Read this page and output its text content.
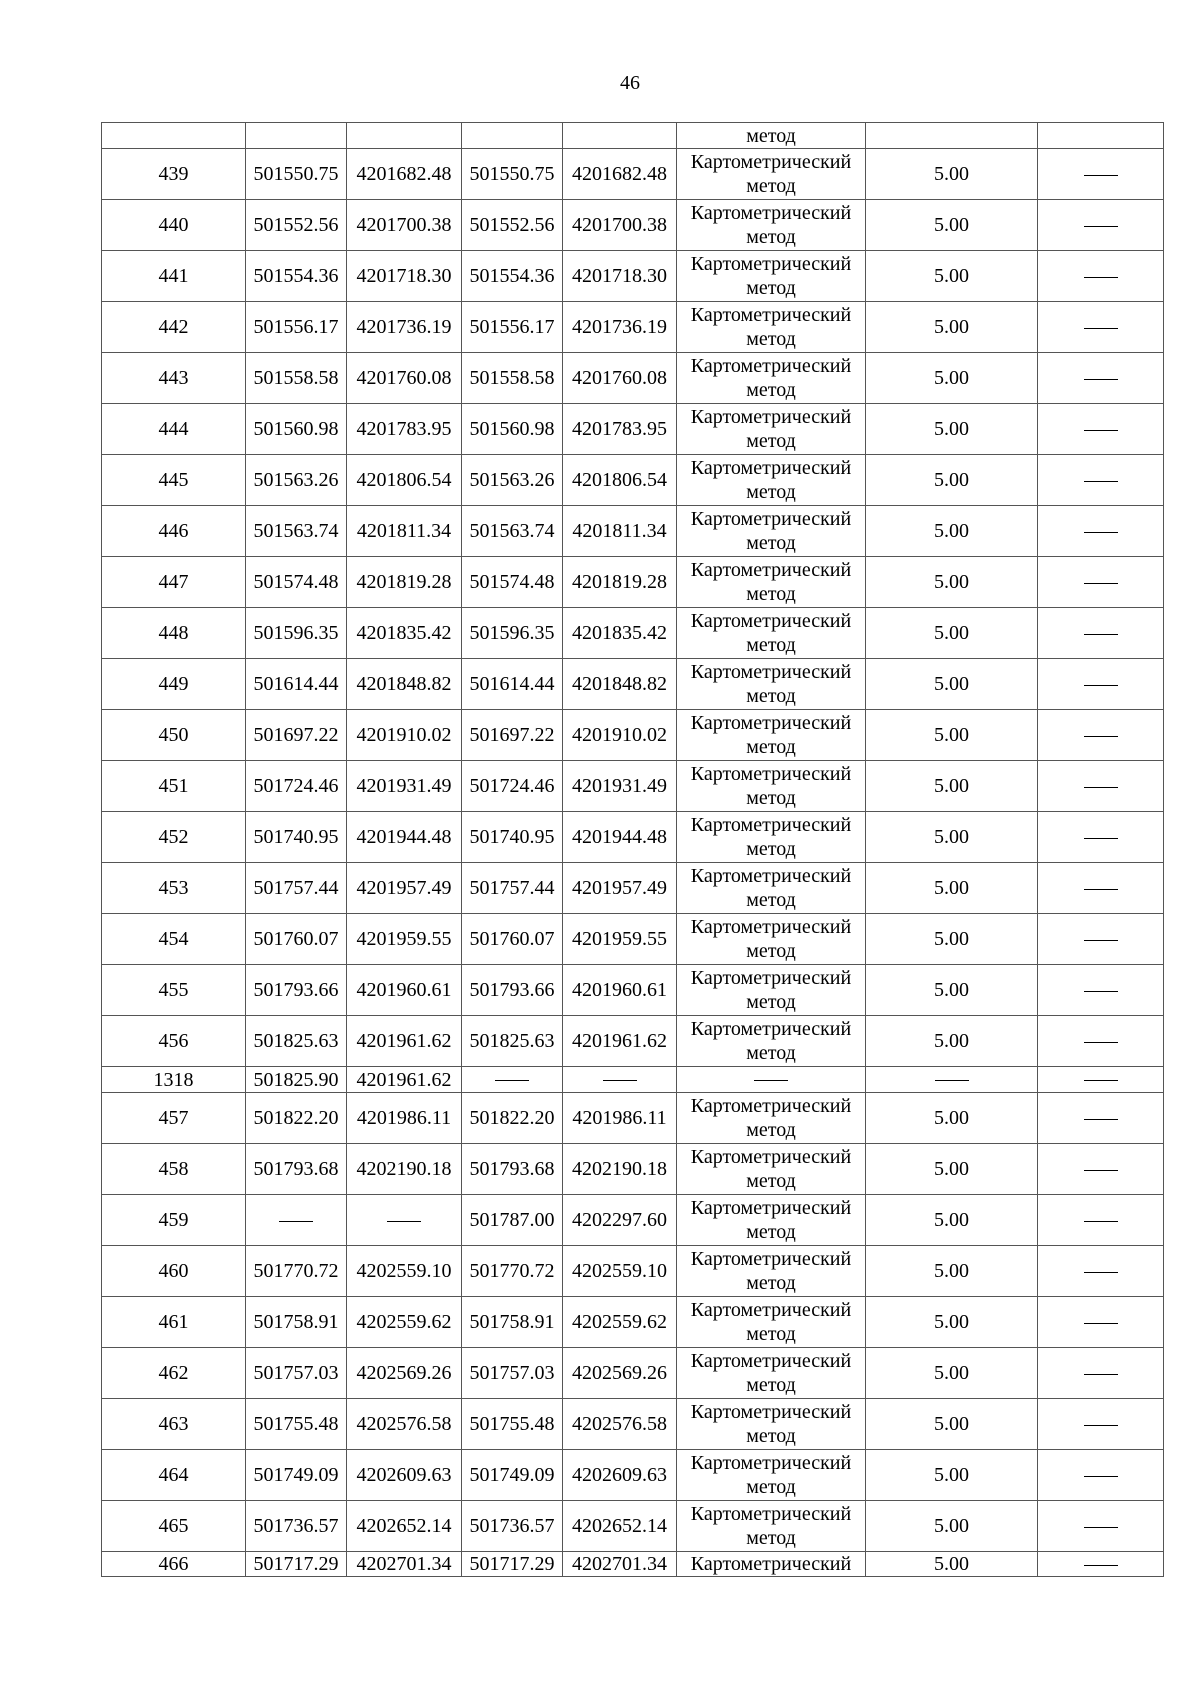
46
					метод		
439	501550.75	4201682.48	501550.75	4201682.48	Картометрический
метод	5.00	
440	501552.56	4201700.38	501552.56	4201700.38	Картометрический
метод	5.00	
441	501554.36	4201718.30	501554.36	4201718.30	Картометрический
метод	5.00	
442	501556.17	4201736.19	501556.17	4201736.19	Картометрический
метод	5.00	
443	501558.58	4201760.08	501558.58	4201760.08	Картометрический
метод	5.00	
444	501560.98	4201783.95	501560.98	4201783.95	Картометрический
метод	5.00	
445	501563.26	4201806.54	501563.26	4201806.54	Картометрический
метод	5.00	
446	501563.74	4201811.34	501563.74	4201811.34	Картометрический
метод	5.00	
447	501574.48	4201819.28	501574.48	4201819.28	Картометрический
метод	5.00	
448	501596.35	4201835.42	501596.35	4201835.42	Картометрический
метод	5.00	
449	501614.44	4201848.82	501614.44	4201848.82	Картометрический
метод	5.00	
450	501697.22	4201910.02	501697.22	4201910.02	Картометрический
метод	5.00	
451	501724.46	4201931.49	501724.46	4201931.49	Картометрический
метод	5.00	
452	501740.95	4201944.48	501740.95	4201944.48	Картометрический
метод	5.00	
453	501757.44	4201957.49	501757.44	4201957.49	Картометрический
метод	5.00	
454	501760.07	4201959.55	501760.07	4201959.55	Картометрический
метод	5.00	
455	501793.66	4201960.61	501793.66	4201960.61	Картометрический
метод	5.00	
456	501825.63	4201961.62	501825.63	4201961.62	Картометрический
метод	5.00	
1318	501825.90	4201961.62					
457	501822.20	4201986.11	501822.20	4201986.11	Картометрический
метод	5.00	
458	501793.68	4202190.18	501793.68	4202190.18	Картометрический
метод	5.00	
459			501787.00	4202297.60	Картометрический
метод	5.00	
460	501770.72	4202559.10	501770.72	4202559.10	Картометрический
метод	5.00	
461	501758.91	4202559.62	501758.91	4202559.62	Картометрический
метод	5.00	
462	501757.03	4202569.26	501757.03	4202569.26	Картометрический
метод	5.00	
463	501755.48	4202576.58	501755.48	4202576.58	Картометрический
метод	5.00	
464	501749.09	4202609.63	501749.09	4202609.63	Картометрический
метод	5.00	
465	501736.57	4202652.14	501736.57	4202652.14	Картометрический
метод	5.00	
466	501717.29	4202701.34	501717.29	4202701.34	Картометрический	5.00	
